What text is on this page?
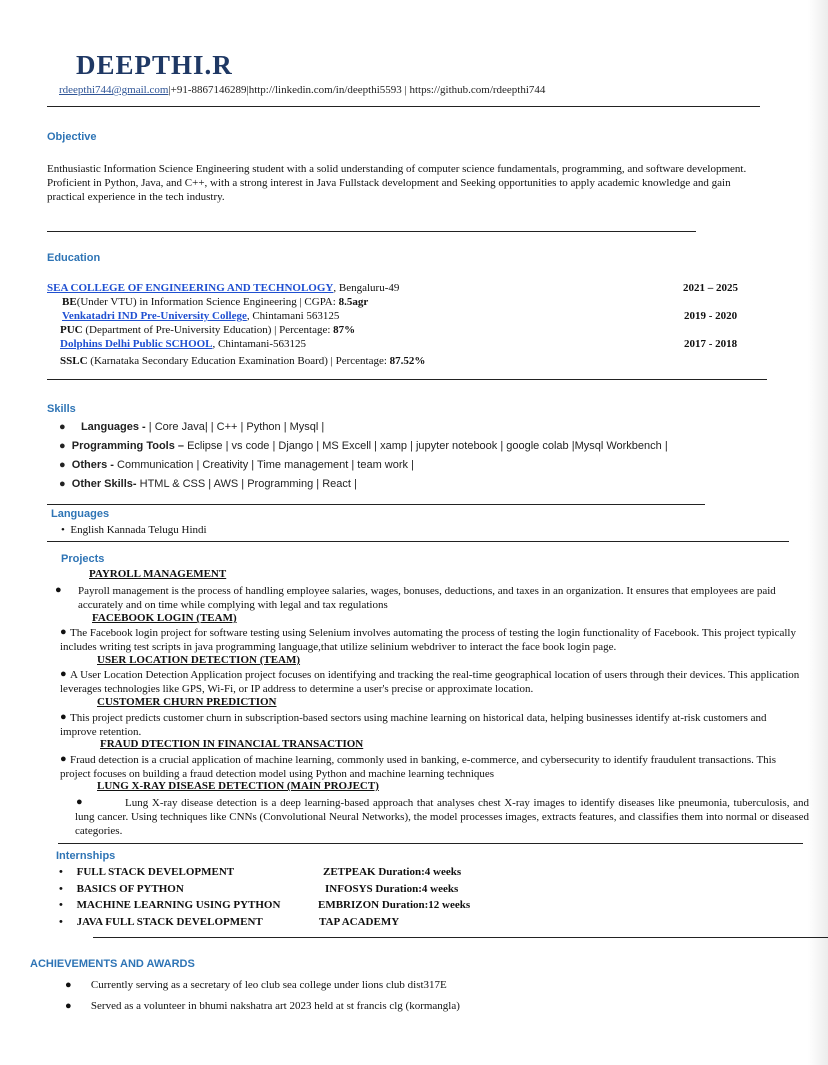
DEEPTHI.R
rdeepthi744@gmail.com|+91-8867146289|http://linkedin.com/in/deepthi5593 | https://github.com/rdeepthi744
Objective
Enthusiastic Information Science Engineering student with a solid understanding of computer science fundamentals, programming, and software development. Proficient in Python, Java, and C++, with a strong interest in Java Fullstack development and Seeking opportunities to apply academic knowledge and gain practical experience in the tech industry.
Education
SEA COLLEGE OF ENGINEERING AND TECHNOLOGY, Bengaluru-49	2021 – 2025
BE(Under VTU) in Information Science Engineering | CGPA: 8.5agr
Venkatadri IND Pre-University College, Chintamani 563125	2019 - 2020
PUC (Department of Pre-University Education) | Percentage: 87%
Dolphins Delhi Public SCHOOL, Chintamani-563125	2017 - 2018
SSLC (Karnataka Secondary Education Examination Board) | Percentage: 87.52%
Skills
●     Languages - | Core Java| | C++ | Python | Mysql |
●  Programming Tools – Eclipse | vs code | Django | MS Excell | xamp | jupyter notebook | google colab |Mysql Workbench |
●  Others - Communication | Creativity | Time management | team work |
●  Other Skills- HTML & CSS | AWS | Programming | React |
Languages
•  English Kannada Telugu Hindi
Projects
PAYROLL MANAGEMENT
●	Payroll management is the process of handling employee salaries, wages, bonuses, deductions, and taxes in an organization. It ensures that employees are paid accurately and on time while complying with legal and tax regulations
FACEBOOK LOGIN (TEAM)
The Facebook login project for software testing using Selenium involves automating the process of testing the login functionality of Facebook. This project typically includes writing test scripts in java programming language,that utilize selinium webdriver to interact the face book login page.
●
USER LOCATION DETECTION (TEAM)
A User Location Detection Application project focuses on identifying and tracking the real-time geographical location of users through their devices. This application leverages technologies like GPS, Wi-Fi, or IP address to determine a user's precise or approximate location.
●
CUSTOMER CHURN PREDICTION
This project predicts customer churn in subscription-based sectors using machine learning on historical data, helping businesses identify at-risk customers and improve retention.
●
FRAUD DTECTION IN FINANCIAL TRANSACTION
Fraud detection is a crucial application of machine learning, commonly used in banking, e-commerce, and cybersecurity to identify fraudulent transactions. This project focuses on building a fraud detection model using Python and machine learning techniques
●
LUNG X-RAY DISEASE DETECTION (MAIN PROJECT)
●	Lung X-ray disease detection is a deep learning-based approach that analyses chest X-ray images to identify diseases like pneumonia, tuberculosis, and lung cancer. Using techniques like CNNs (Convolutional Neural Networks), the model processes images, extracts features, and classifies them into normal or diseased categories.
Internships
•     FULL STACK DEVELOPMENT	ZETPEAK Duration:4 weeks
•     BASICS OF PYTHON	INFOSYS Duration:4 weeks
•     MACHINE LEARNING USING PYTHON	EMBRIZON Duration:12 weeks
•     JAVA FULL STACK DEVELOPMENT	TAP ACADEMY
ACHIEVEMENTS AND AWARDS
●       Currently serving as a secretary of leo club sea college under lions club dist317E
●       Served as a volunteer in bhumi nakshatra art 2023 held at st francis clg (kormangla)
